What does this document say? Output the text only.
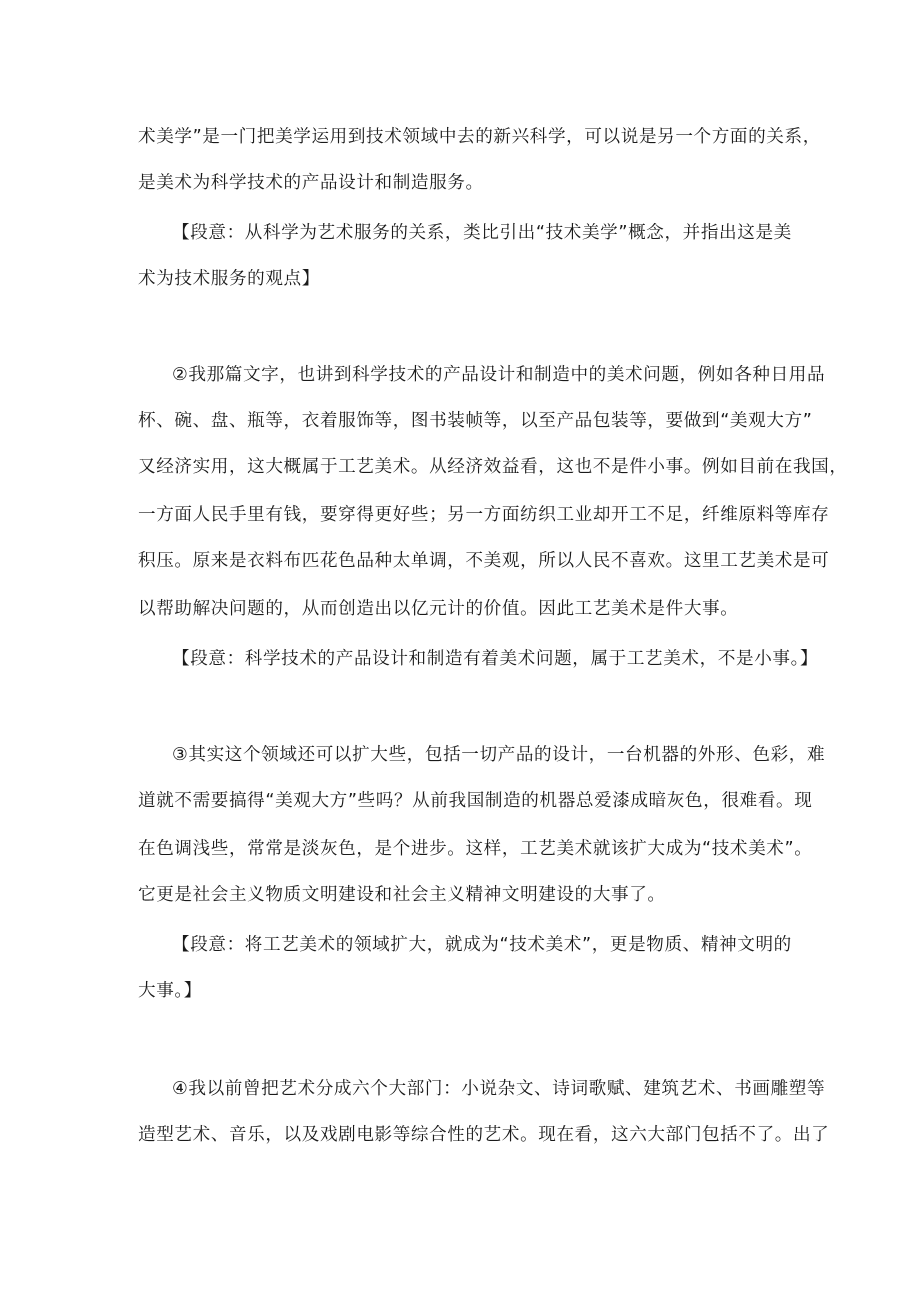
术美学”是一门把美学运用到技术领域中去的新兴科学，可以说是另一个方面的关系，
是美术为科学技术的产品设计和制造服务。
【段意：从科学为艺术服务的关系，类比引出“技术美学”概念，并指出这是美
术为技术服务的观点】
②我那篇文字，也讲到科学技术的产品设计和制造中的美术问题，例如各种日用品
杯、碗、盘、瓶等，衣着服饰等，图书装帧等，以至产品包装等，要做到“美观大方”
又经济实用，这大概属于工艺美术。从经济效益看，这也不是件小事。例如目前在我国，
一方面人民手里有钱，要穿得更好些；另一方面纺织工业却开工不足，纤维原料等库存
积压。原来是衣料布匹花色品种太单调，不美观，所以人民不喜欢。这里工艺美术是可
以帮助解决问题的，从而创造出以亿元计的价值。因此工艺美术是件大事。
【段意：科学技术的产品设计和制造有着美术问题，属于工艺美术，不是小事。】
③其实这个领域还可以扩大些，包括一切产品的设计，一台机器的外形、色彩，难
道就不需要搞得“美观大方”些吗？从前我国制造的机器总爱漆成暗灰色，很难看。现
在色调浅些，常常是淡灰色，是个进步。这样，工艺美术就该扩大成为“技术美术”。
它更是社会主义物质文明建设和社会主义精神文明建设的大事了。
【段意：将工艺美术的领域扩大，就成为“技术美术”，更是物质、精神文明的
大事。】
④我以前曾把艺术分成六个大部门：小说杂文、诗词歌赋、建筑艺术、书画雕塑等
造型艺术、音乐，以及戏剧电影等综合性的艺术。现在看，这六大部门包括不了。出了
